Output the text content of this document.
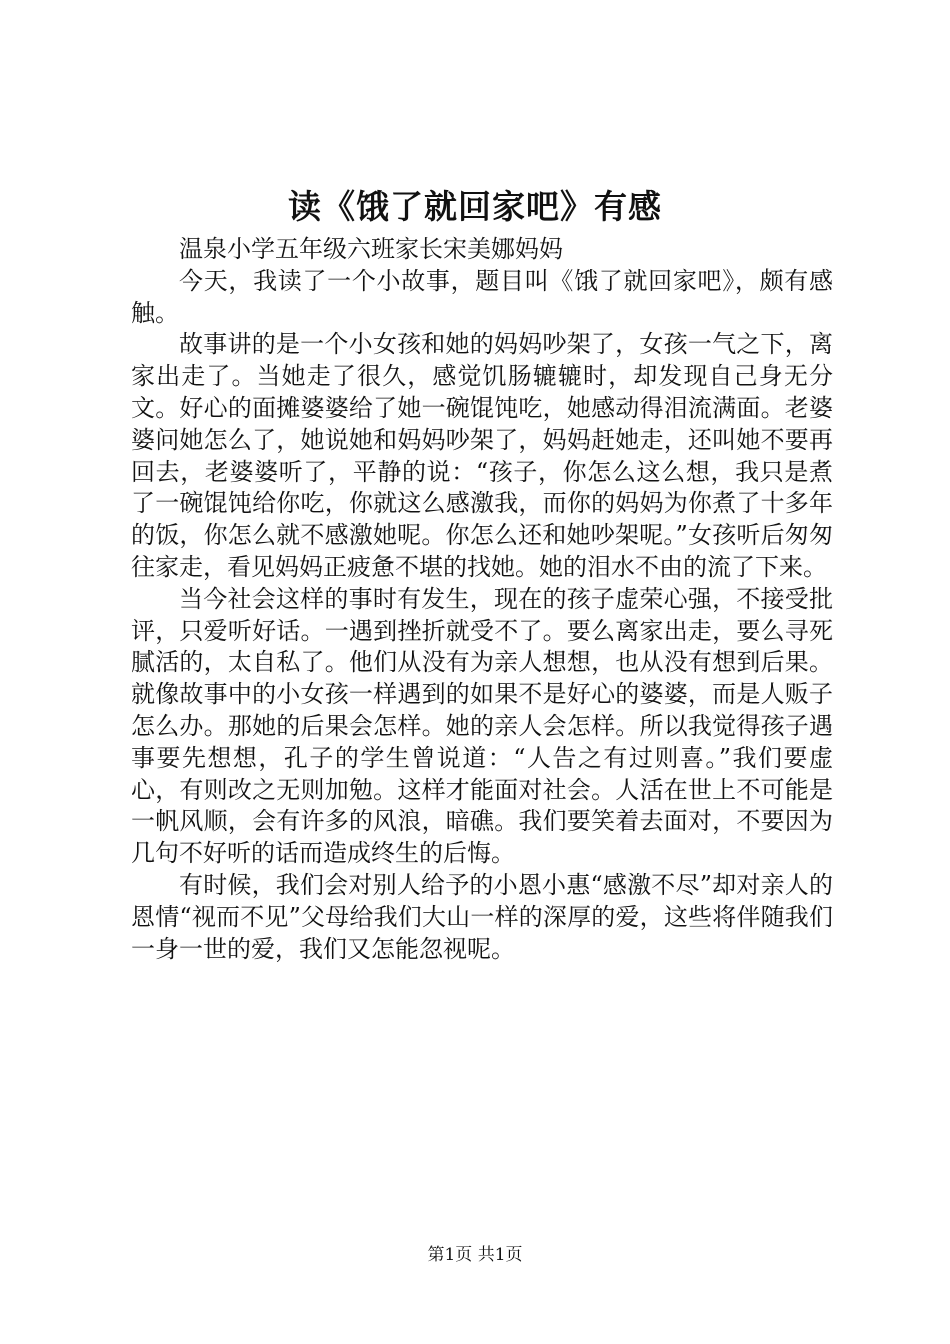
读《饿了就回家吧》有感

温泉小学五年级六班家长宋美娜妈妈

今天，我读了一个小故事，题目叫《饿了就回家吧》，颇有感触。

故事讲的是一个小女孩和她的妈妈吵架了，女孩一气之下，离家出走了。当她走了很久，感觉饥肠辘辘时，却发现自己身无分文。好心的面摊婆婆给了她一碗馄饨吃，她感动得泪流满面。老婆婆问她怎么了，她说她和妈妈吵架了，妈妈赶她走，还叫她不要再回去，老婆婆听了，平静的说：“孩子，你怎么这么想，我只是煮了一碗馄饨给你吃，你就这么感激我，而你的妈妈为你煮了十多年的饭，你怎么就不感激她呢。你怎么还和她吵架呢。”女孩听后匆匆往家走，看见妈妈正疲惫不堪的找她。她的泪水不由的流了下来。

当今社会这样的事时有发生，现在的孩子虚荣心强，不接受批评，只爱听好话。一遇到挫折就受不了。要么离家出走，要么寻死腻活的，太自私了。他们从没有为亲人想想，也从没有想到后果。就像故事中的小女孩一样遇到的如果不是好心的婆婆，而是人贩子怎么办。那她的后果会怎样。她的亲人会怎样。所以我觉得孩子遇事要先想想，孔子的学生曾说道：“人告之有过则喜。”我们要虚心，有则改之无则加勉。这样才能面对社会。人活在世上不可能是一帆风顺，会有许多的风浪，暗礁。我们要笑着去面对，不要因为几句不好听的话而造成终生的后悔。

有时候，我们会对别人给予的小恩小惠“感激不尽”却对亲人的恩情“视而不见”父母给我们大山一样的深厚的爱，这些将伴随我们一身一世的爱，我们又怎能忽视呢。

第1页 共1页
